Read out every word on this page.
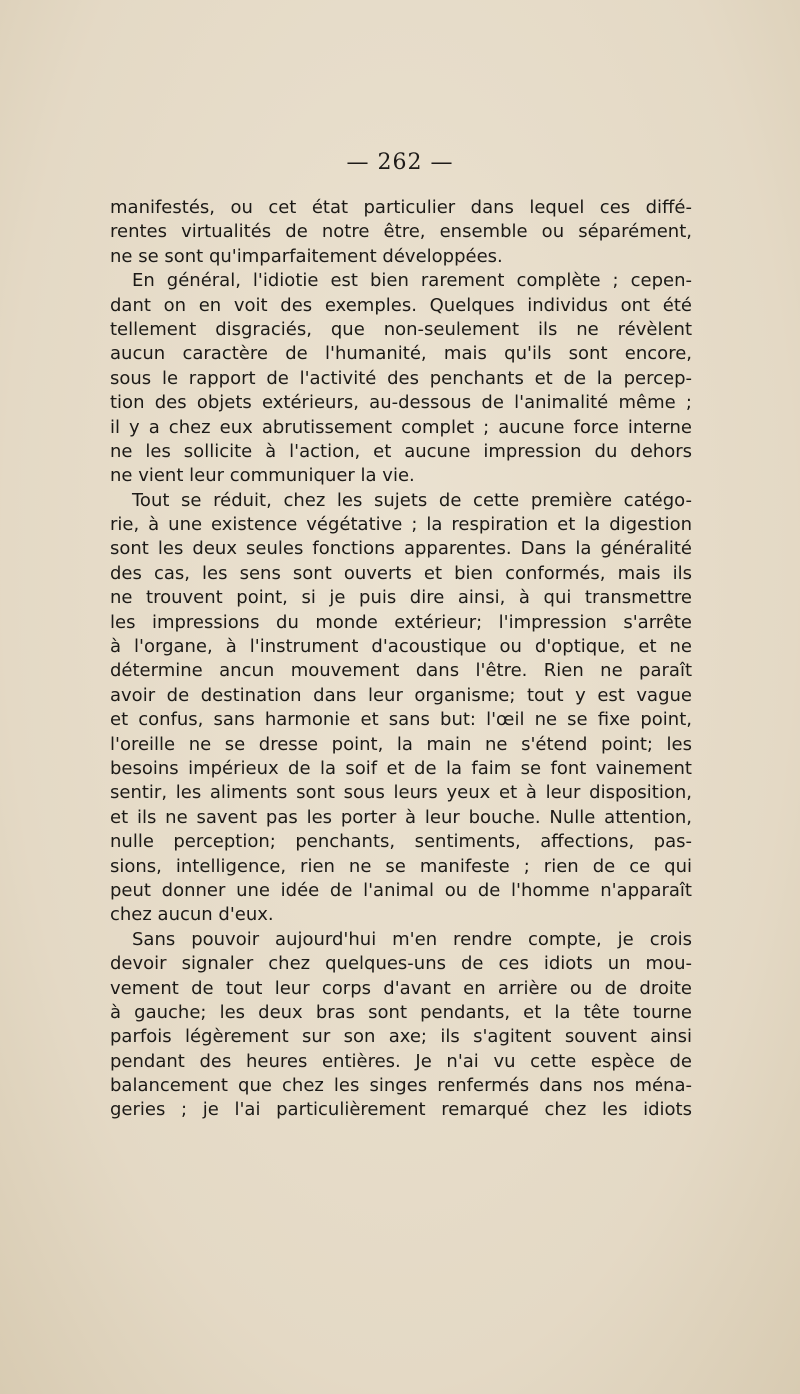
— 262 —
manifestés, ou cet état particulier dans lequel ces diffé-
rentes virtualités de notre être, ensemble ou séparément,
ne se sont qu'imparfaitement développées.
En général, l'idiotie est bien rarement complète ; cepen-
dant on en voit des exemples. Quelques individus ont été
tellement disgraciés, que non-seulement ils ne révèlent
aucun caractère de l'humanité, mais qu'ils sont encore,
sous le rapport de l'activité des penchants et de la percep-
tion des objets extérieurs, au-dessous de l'animalité même ;
il y a chez eux abrutissement complet ; aucune force interne
ne les sollicite à l'action, et aucune impression du dehors
ne vient leur communiquer la vie.
Tout se réduit, chez les sujets de cette première catégo-
rie, à une existence végétative ; la respiration et la digestion
sont les deux seules fonctions apparentes. Dans la généralité
des cas, les sens sont ouverts et bien conformés, mais ils
ne trouvent point, si je puis dire ainsi, à qui transmettre
les impressions du monde extérieur; l'impression s'arrête
à l'organe, à l'instrument d'acoustique ou d'optique, et ne
détermine ancun mouvement dans l'être. Rien ne paraît
avoir de destination dans leur organisme; tout y est vague
et confus, sans harmonie et sans but: l'œil ne se fixe point,
l'oreille ne se dresse point, la main ne s'étend point; les
besoins impérieux de la soif et de la faim se font vainement
sentir, les aliments sont sous leurs yeux et à leur disposition,
et ils ne savent pas les porter à leur bouche. Nulle attention,
nulle perception; penchants, sentiments, affections, pas-
sions, intelligence, rien ne se manifeste ; rien de ce qui
peut donner une idée de l'animal ou de l'homme n'apparaît
chez aucun d'eux.
Sans pouvoir aujourd'hui m'en rendre compte, je crois
devoir signaler chez quelques-uns de ces idiots un mou-
vement de tout leur corps d'avant en arrière ou de droite
à gauche; les deux bras sont pendants, et la tête tourne
parfois légèrement sur son axe; ils s'agitent souvent ainsi
pendant des heures entières. Je n'ai vu cette espèce de
balancement que chez les singes renfermés dans nos ména-
geries ; je l'ai particulièrement remarqué chez les idiots
